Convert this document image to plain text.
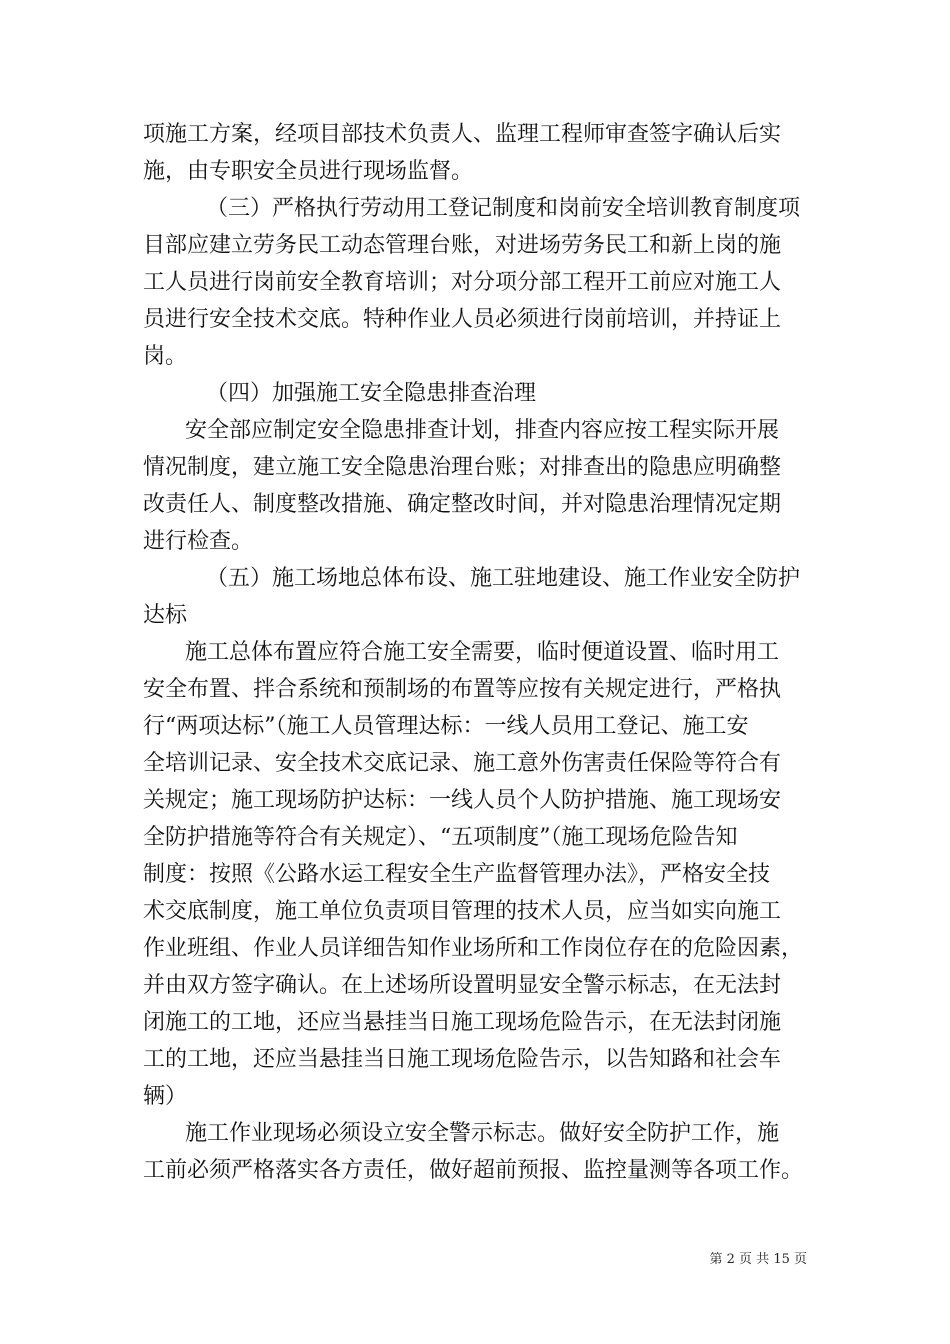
项施工方案，经项目部技术负责人、监理工程师审查签字确认后实
施，由专职安全员进行现场监督。
（三）严格执行劳动用工登记制度和岗前安全培训教育制度项
目部应建立劳务民工动态管理台账，对进场劳务民工和新上岗的施
工人员进行岗前安全教育培训；对分项分部工程开工前应对施工人
员进行安全技术交底。特种作业人员必须进行岗前培训，并持证上
岗。
（四）加强施工安全隐患排查治理
安全部应制定安全隐患排查计划，排查内容应按工程实际开展
情况制度，建立施工安全隐患治理台账；对排查出的隐患应明确整
改责任人、制度整改措施、确定整改时间，并对隐患治理情况定期
进行检查。
（五）施工场地总体布设、施工驻地建设、施工作业安全防护
达标
施工总体布置应符合施工安全需要，临时便道设置、临时用工
安全布置、拌合系统和预制场的布置等应按有关规定进行，严格执
行“两项达标”（施工人员管理达标：一线人员用工登记、施工安
全培训记录、安全技术交底记录、施工意外伤害责任保险等符合有
关规定；施工现场防护达标：一线人员个人防护措施、施工现场安
全防护措施等符合有关规定）、“五项制度”（施工现场危险告知
制度：按照《公路水运工程安全生产监督管理办法》，严格安全技
术交底制度，施工单位负责项目管理的技术人员，应当如实向施工
作业班组、作业人员详细告知作业场所和工作岗位存在的危险因素，
并由双方签字确认。在上述场所设置明显安全警示标志，在无法封
闭施工的工地，还应当悬挂当日施工现场危险告示，在无法封闭施
工的工地，还应当悬挂当日施工现场危险告示，以告知路和社会车
辆）
施工作业现场必须设立安全警示标志。做好安全防护工作，施
工前必须严格落实各方责任，做好超前预报、监控量测等各项工作。
第 2 页 共 15 页
